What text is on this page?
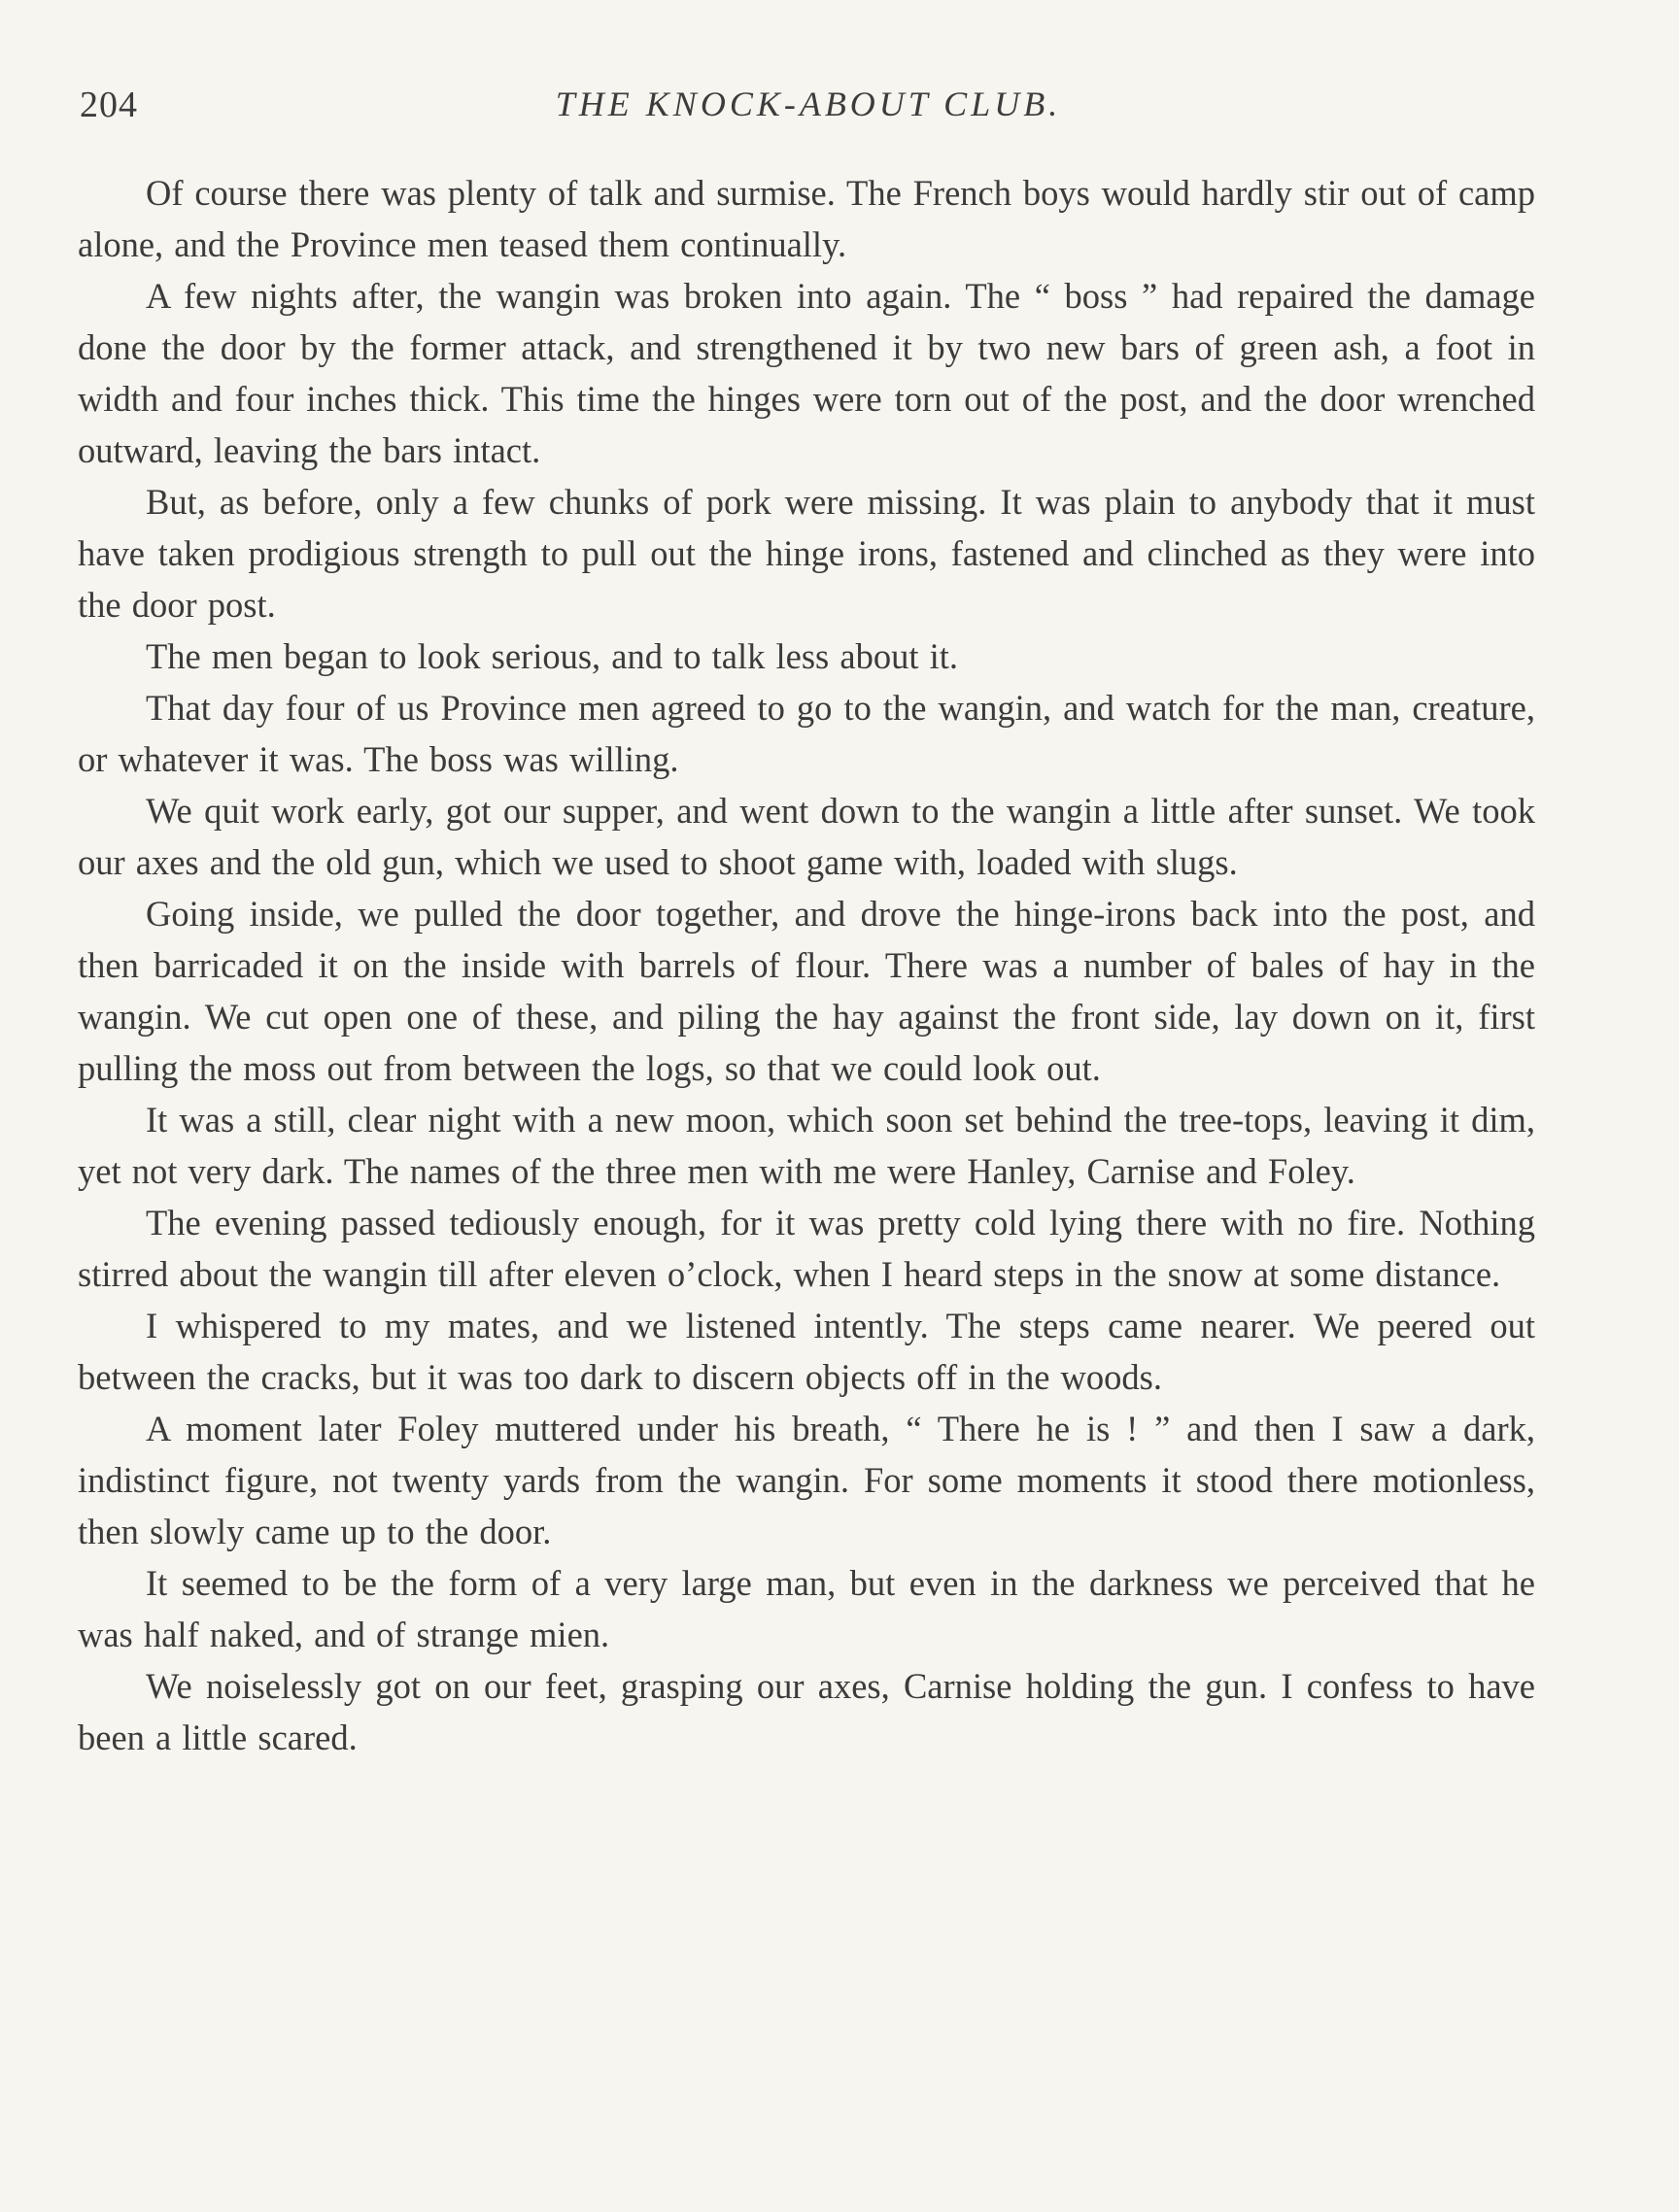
204	THE KNOCK-ABOUT CLUB.

Of course there was plenty of talk and surmise. The French boys would hardly stir out of camp alone, and the Province men teased them continually.

A few nights after, the wangin was broken into again. The “ boss ” had repaired the damage done the door by the former attack, and strengthened it by two new bars of green ash, a foot in width and four inches thick. This time the hinges were torn out of the post, and the door wrenched outward, leaving the bars intact.

But, as before, only a few chunks of pork were missing. It was plain to anybody that it must have taken prodigious strength to pull out the hinge irons, fastened and clinched as they were into the door post.

The men began to look serious, and to talk less about it.

That day four of us Province men agreed to go to the wangin, and watch for the man, creature, or whatever it was. The boss was willing.

We quit work early, got our supper, and went down to the wangin a little after sunset. We took our axes and the old gun, which we used to shoot game with, loaded with slugs.

Going inside, we pulled the door together, and drove the hinge-irons back into the post, and then barricaded it on the inside with barrels of flour. There was a number of bales of hay in the wangin. We cut open one of these, and piling the hay against the front side, lay down on it, first pulling the moss out from between the logs, so that we could look out.

It was a still, clear night with a new moon, which soon set behind the tree-tops, leaving it dim, yet not very dark. The names of the three men with me were Hanley, Carnise and Foley.

The evening passed tediously enough, for it was pretty cold lying there with no fire. Nothing stirred about the wangin till after eleven o’clock, when I heard steps in the snow at some distance.

I whispered to my mates, and we listened intently. The steps came nearer. We peered out between the cracks, but it was too dark to discern objects off in the woods.

A moment later Foley muttered under his breath, “ There he is ! ” and then I saw a dark, indistinct figure, not twenty yards from the wangin. For some moments it stood there motionless, then slowly came up to the door.

It seemed to be the form of a very large man, but even in the darkness we perceived that he was half naked, and of strange mien.

We noiselessly got on our feet, grasping our axes, Carnise holding the gun. I confess to have been a little scared.
